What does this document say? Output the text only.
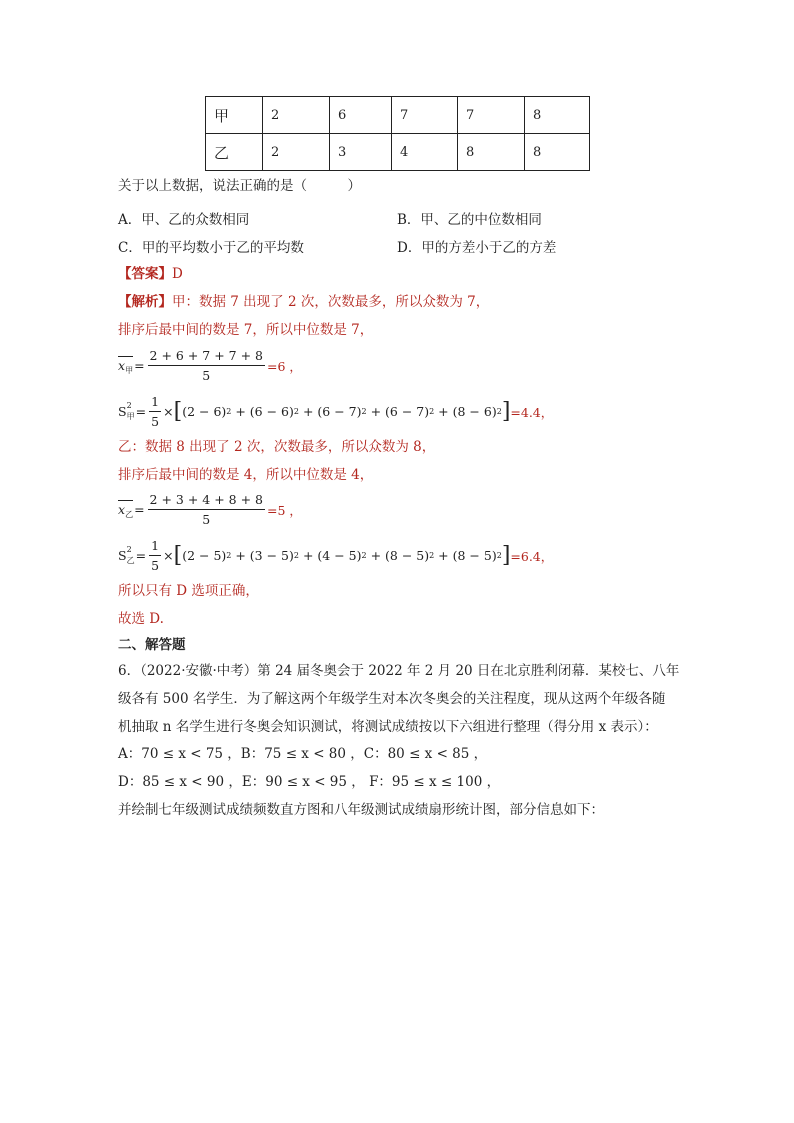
甲	2	6	7	7	8
乙	2	3	4	8	8
关于以上数据，说法正确的是（　　　）
A．甲、乙的众数相同	B．甲、乙的中位数相同
C．甲的平均数小于乙的平均数	D．甲的方差小于乙的方差
【答案】D
【解析】甲：数据 7 出现了 2 次，次数最多，所以众数为 7，
排序后最中间的数是 7，所以中位数是 7，
$x_甲 = \frac{2 + 6 + 7 + 7 + 8}{5} =6$ ，
$S^2_甲 = \frac{1}{5}$ × [ (2 − 6) 2 + (6 − 6) 2 + (6 − 7) 2 + (6 − 7) 2 + (8 − 6) 2 ] =4.4，
乙：数据 8 出现了 2 次，次数最多，所以众数为 8，
排序后最中间的数是 4，所以中位数是 4，
$x_乙 = \frac{2 + 3 + 4 + 8 + 8}{5} =5$ ，
$S^2_乙 = \frac{1}{5}$ × [ (2 − 5) 2 + (3 − 5) 2 + (4 − 5) 2 + (8 − 5) 2 + (8 − 5) 2 ] =6.4，
所以只有 D 选项正确，
故选 D.
二、解答题
6．（2022·安徽·中考）第 24 届冬奥会于 2022 年 2 月 20 日在北京胜利闭幕．某校七、八年
级各有 500 名学生．为了解这两个年级学生对本次冬奥会的关注程度，现从这两个年级各随
机抽取 n 名学生进行冬奥会知识测试，将测试成绩按以下六组进行整理（得分用 x 表示）：
A：70 ≤ x < 75 ，B：75 ≤ x < 80 ，C：80 ≤ x < 85 ，
D：85 ≤ x < 90 ，E：90 ≤ x < 95 ， F：95 ≤ x ≤ 100 ，
并绘制七年级测试成绩频数直方图和八年级测试成绩扇形统计图，部分信息如下：
